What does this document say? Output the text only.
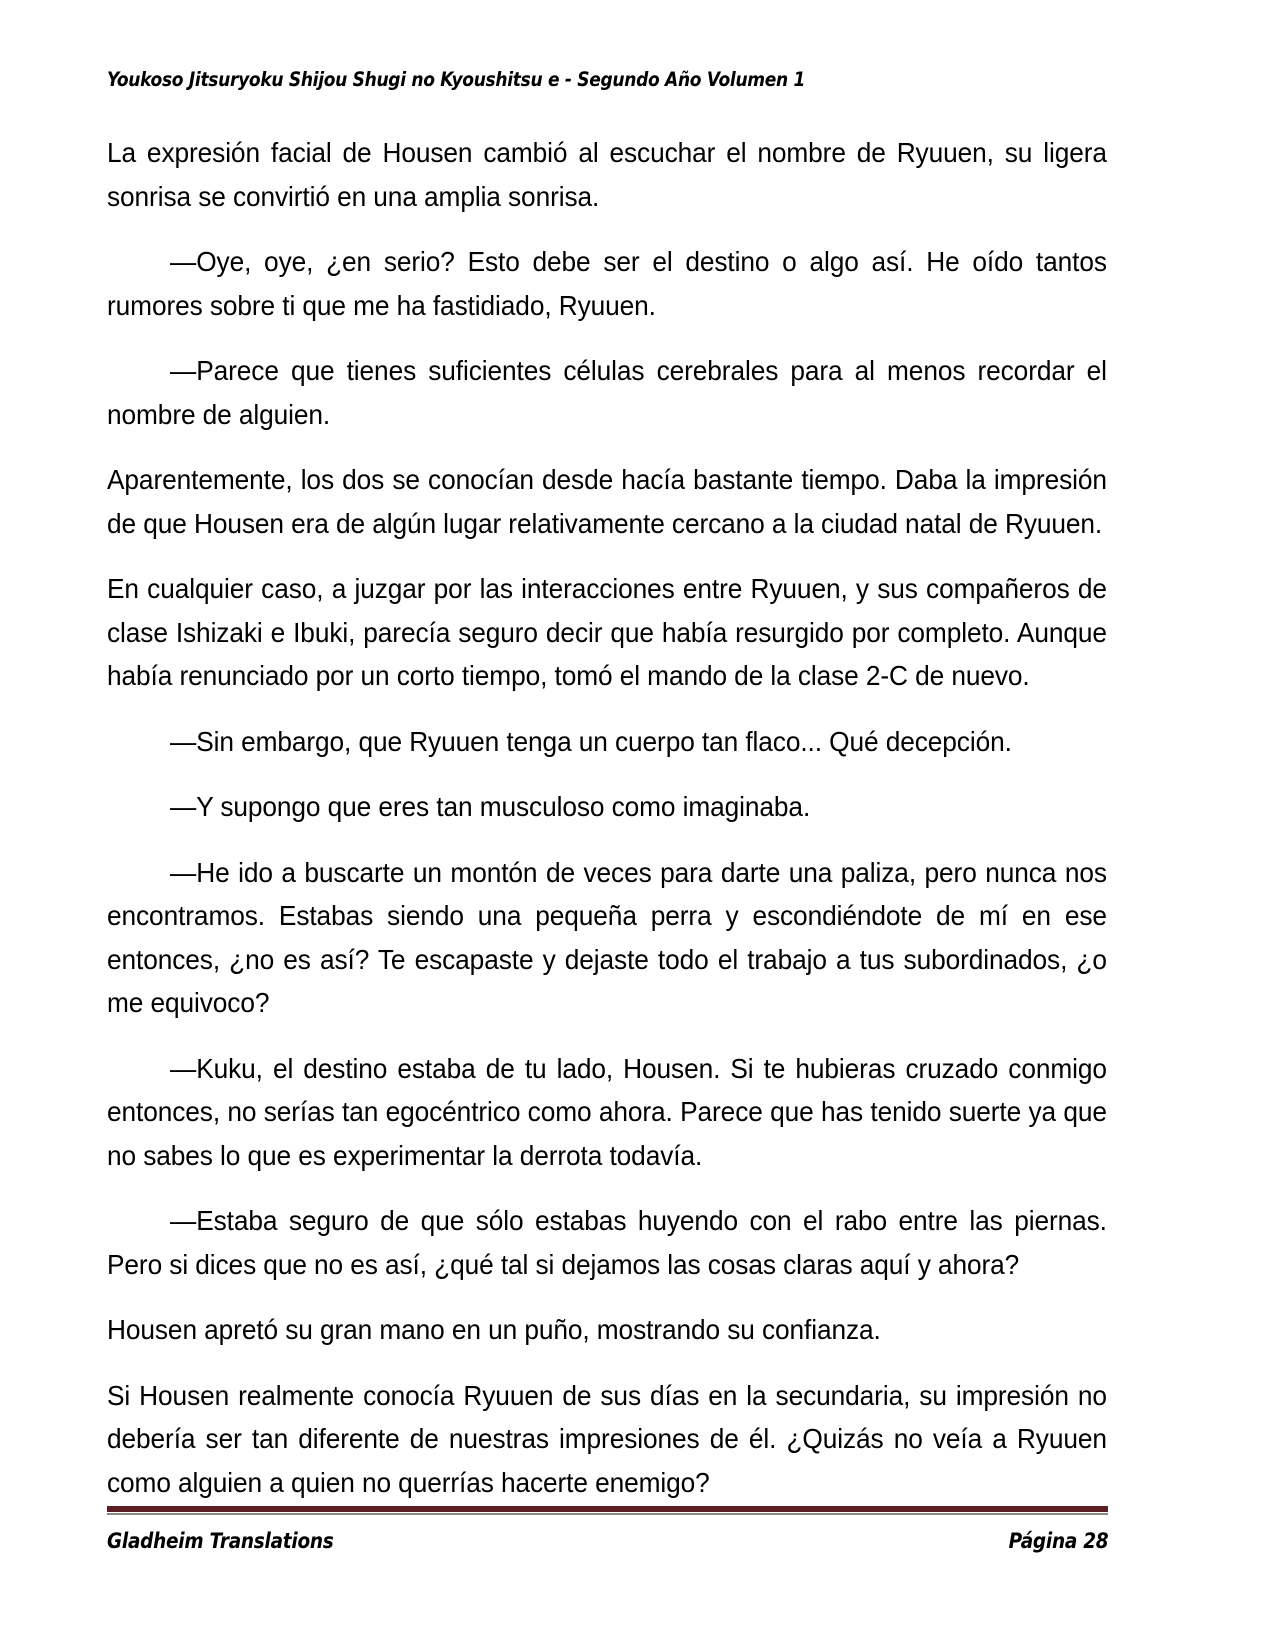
Youkoso Jitsuryoku Shijou Shugi no Kyoushitsu e - Segundo Año Volumen 1

La expresión facial de Housen cambió al escuchar el nombre de Ryuuen, su ligera sonrisa se convirtió en una amplia sonrisa.

—Oye, oye, ¿en serio? Esto debe ser el destino o algo así. He oído tantos rumores sobre ti que me ha fastidiado, Ryuuen.

—Parece que tienes suficientes células cerebrales para al menos recordar el nombre de alguien.

Aparentemente, los dos se conocían desde hacía bastante tiempo. Daba la impresión de que Housen era de algún lugar relativamente cercano a la ciudad natal de Ryuuen.

En cualquier caso, a juzgar por las interacciones entre Ryuuen, y sus compañeros de clase Ishizaki e Ibuki, parecía seguro decir que había resurgido por completo. Aunque había renunciado por un corto tiempo, tomó el mando de la clase 2-C de nuevo.

—Sin embargo, que Ryuuen tenga un cuerpo tan flaco... Qué decepción.

—Y supongo que eres tan musculoso como imaginaba.

—He ido a buscarte un montón de veces para darte una paliza, pero nunca nos encontramos. Estabas siendo una pequeña perra y escondiéndote de mí en ese entonces, ¿no es así? Te escapaste y dejaste todo el trabajo a tus subordinados, ¿o me equivoco?

—Kuku, el destino estaba de tu lado, Housen. Si te hubieras cruzado conmigo entonces, no serías tan egocéntrico como ahora. Parece que has tenido suerte ya que no sabes lo que es experimentar la derrota todavía.

—Estaba seguro de que sólo estabas huyendo con el rabo entre las piernas. Pero si dices que no es así, ¿qué tal si dejamos las cosas claras aquí y ahora?

Housen apretó su gran mano en un puño, mostrando su confianza.

Si Housen realmente conocía Ryuuen de sus días en la secundaria, su impresión no debería ser tan diferente de nuestras impresiones de él. ¿Quizás no veía a Ryuuen como alguien a quien no querrías hacerte enemigo?

Gladheim Translations	Página 28
